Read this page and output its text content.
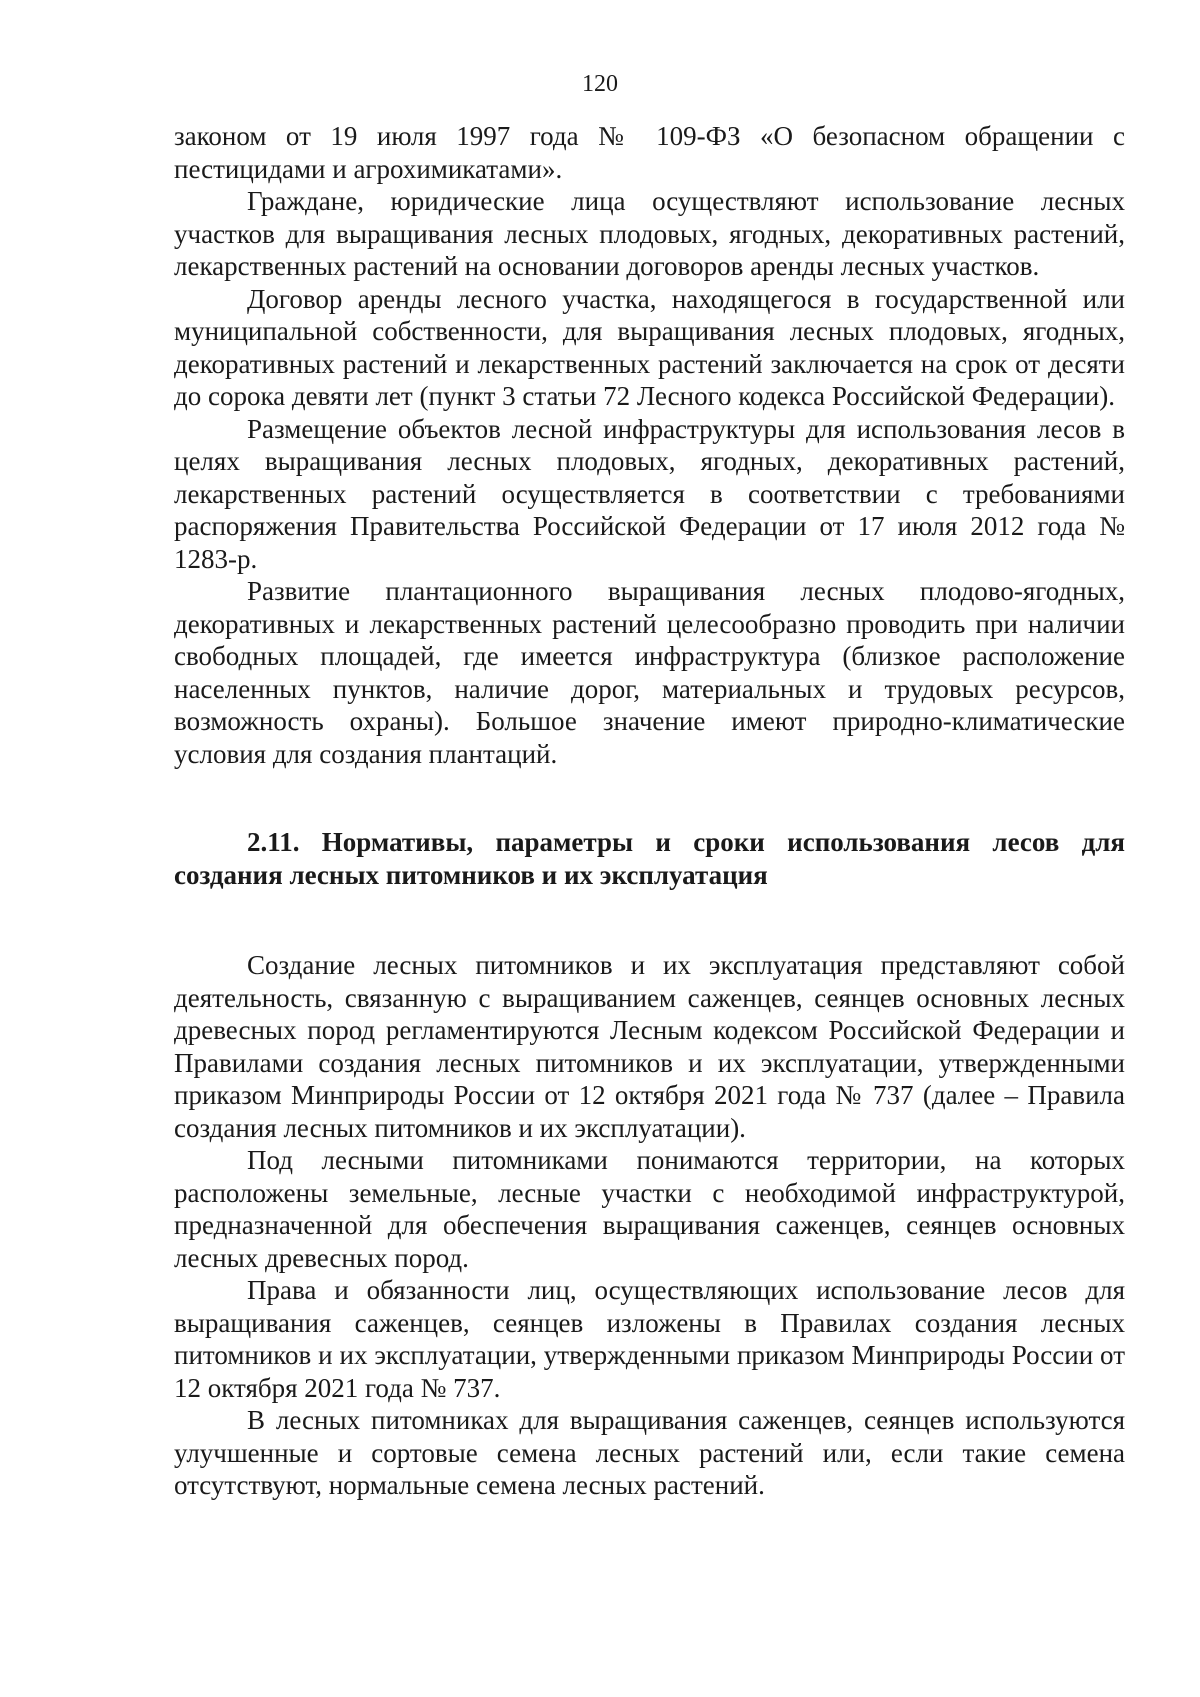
120

законом от 19 июля 1997 года № 109-ФЗ «О безопасном обращении с пестицидами и агрохимикатами».

Граждане, юридические лица осуществляют использование лесных участков для выращивания лесных плодовых, ягодных, декоративных растений, лекарственных растений на основании договоров аренды лесных участков.

Договор аренды лесного участка, находящегося в государственной или муниципальной собственности, для выращивания лесных плодовых, ягодных, декоративных растений и лекарственных растений заключается на срок от десяти до сорока девяти лет (пункт 3 статьи 72 Лесного кодекса Российской Федерации).

Размещение объектов лесной инфраструктуры для использования лесов в целях выращивания лесных плодовых, ягодных, декоративных растений, лекарственных растений осуществляется в соответствии с требованиями распоряжения Правительства Российской Федерации от 17 июля 2012 года № 1283-р.

Развитие плантационного выращивания лесных плодово-ягодных, декоративных и лекарственных растений целесообразно проводить при наличии свободных площадей, где имеется инфраструктура (близкое расположение населенных пунктов, наличие дорог, материальных и трудовых ресурсов, возможность охраны). Большое значение имеют природно-климатические условия для создания плантаций.

2.11. Нормативы, параметры и сроки использования лесов для создания лесных питомников и их эксплуатация

Создание лесных питомников и их эксплуатация представляют собой деятельность, связанную с выращиванием саженцев, сеянцев основных лесных древесных пород регламентируются Лесным кодексом Российской Федерации и Правилами создания лесных питомников и их эксплуатации, утвержденными приказом Минприроды России от 12 октября 2021 года № 737 (далее – Правила создания лесных питомников и их эксплуатации).

Под лесными питомниками понимаются территории, на которых расположены земельные, лесные участки с необходимой инфраструктурой, предназначенной для обеспечения выращивания саженцев, сеянцев основных лесных древесных пород.

Права и обязанности лиц, осуществляющих использование лесов для выращивания саженцев, сеянцев изложены в Правилах создания лесных питомников и их эксплуатации, утвержденными приказом Минприроды России от 12 октября 2021 года № 737.

В лесных питомниках для выращивания саженцев, сеянцев используются улучшенные и сортовые семена лесных растений или, если такие семена отсутствуют, нормальные семена лесных растений.
